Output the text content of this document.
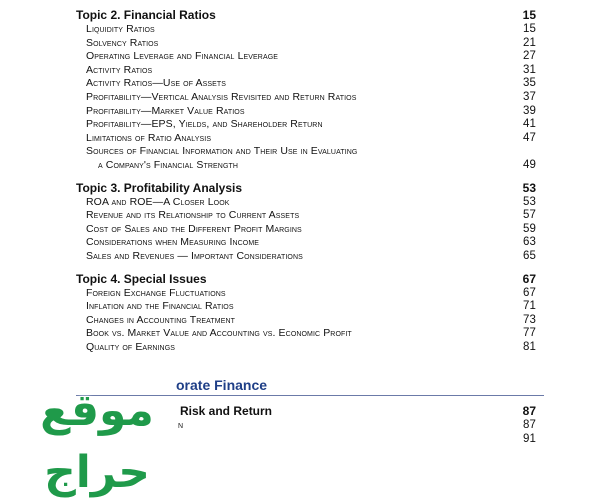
Topic 2. Financial Ratios	15
Liquidity Ratios	15
Solvency Ratios	21
Operating Leverage and Financial Leverage	27
Activity Ratios	31
Activity Ratios—Use of Assets	35
Profitability—Vertical Analysis Revisited and Return Ratios	37
Profitability—Market Value Ratios	39
Profitability—EPS, Yields, and Shareholder Return	41
Limitations of Ratio Analysis	47
Sources of Financial Information and Their Use in Evaluating
a Company's Financial Strength	49
Topic 3. Profitability Analysis	53
ROA and ROE—A Closer Look	53
Revenue and its Relationship to Current Assets	57
Cost of Sales and the Different Profit Margins	59
Considerations when Measuring Income	63
Sales and Revenues — Important Considerations	65
Topic 4. Special Issues	67
Foreign Exchange Fluctuations	67
Inflation and the Financial Ratios	71
Changes in Accounting Treatment	73
Book vs. Market Value and Accounting vs. Economic Profit	77
Quality of Earnings	81
orate Finance
Risk and Return	87
n	87
91
موقع حراج
